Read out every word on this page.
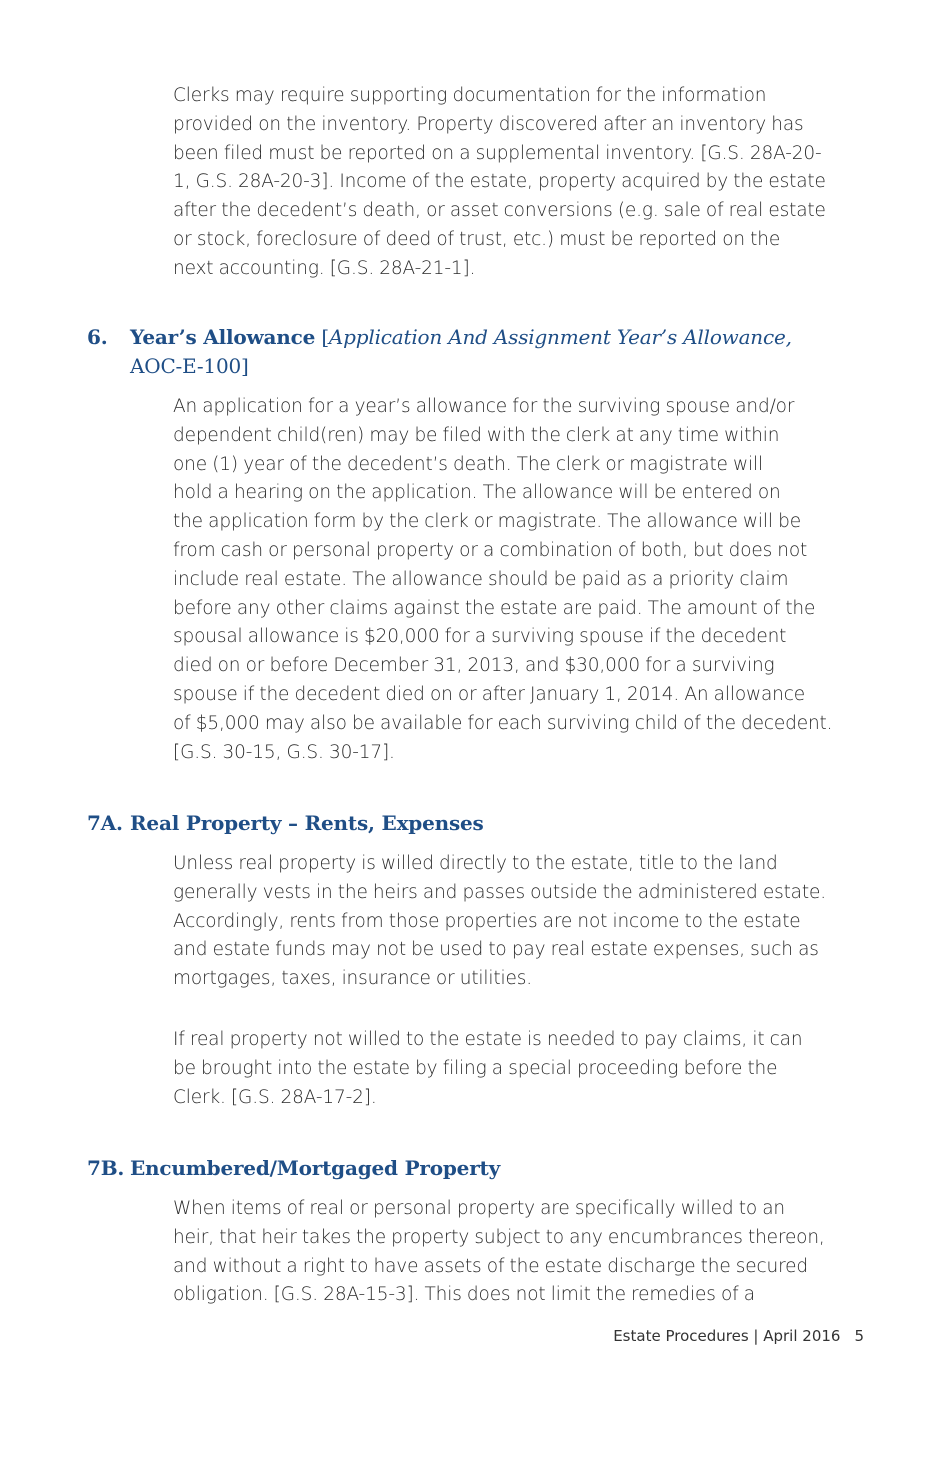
Clerks may require supporting documentation for the information
provided on the inventory. Property discovered after an inventory has
been filed must be reported on a supplemental inventory. [G.S. 28A-20-
1, G.S. 28A-20-3]. Income of the estate, property acquired by the estate
after the decedent’s death, or asset conversions (e.g. sale of real estate
or stock, foreclosure of deed of trust, etc.) must be reported on the
next accounting. [G.S. 28A-21-1].
6. Year’s Allowance [Application And Assignment Year’s Allowance,
AOC-E-100]
An application for a year’s allowance for the surviving spouse and/or
dependent child(ren) may be filed with the clerk at any time within
one (1) year of the decedent’s death. The clerk or magistrate will
hold a hearing on the application. The allowance will be entered on
the application form by the clerk or magistrate. The allowance will be
from cash or personal property or a combination of both, but does not
include real estate. The allowance should be paid as a priority claim
before any other claims against the estate are paid. The amount of the
spousal allowance is $20,000 for a surviving spouse if the decedent
died on or before December 31, 2013, and $30,000 for a surviving
spouse if the decedent died on or after January 1, 2014. An allowance
of $5,000 may also be available for each surviving child of the decedent.
[G.S. 30-15, G.S. 30-17].
7A. Real Property – Rents, Expenses
Unless real property is willed directly to the estate, title to the land
generally vests in the heirs and passes outside the administered estate.
Accordingly, rents from those properties are not income to the estate
and estate funds may not be used to pay real estate expenses, such as
mortgages, taxes, insurance or utilities.
If real property not willed to the estate is needed to pay claims, it can
be brought into the estate by filing a special proceeding before the
Clerk. [G.S. 28A-17-2].
7B. Encumbered/Mortgaged Property
When items of real or personal property are specifically willed to an
heir, that heir takes the property subject to any encumbrances thereon,
and without a right to have assets of the estate discharge the secured
obligation. [G.S. 28A-15-3]. This does not limit the remedies of a
Estate Procedures | April 2016 5
